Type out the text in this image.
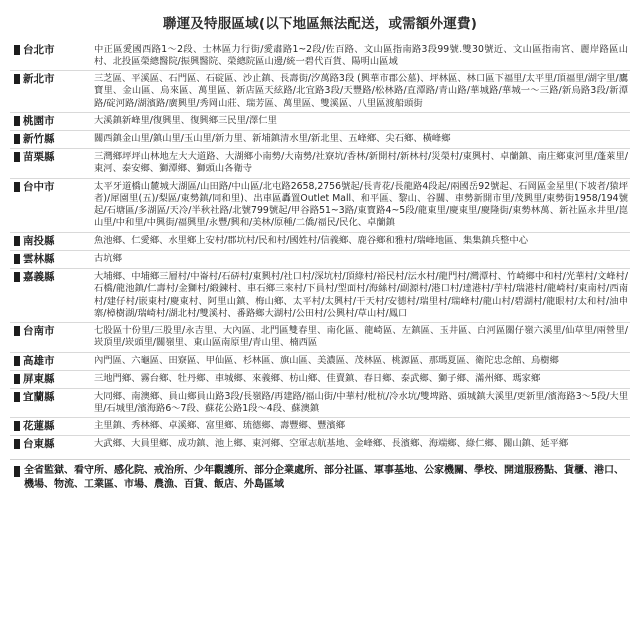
聯運及特服區域(以下地區無法配送，或需額外運費)
台北市	中正區愛國西路1～2段、士林區力行街/愛肅路1~2段/佐百路、文山區指南路3段99號.雙30號近、文山區指南宮、麗岸路區山村、北投區榮總醫院/振興醫院、榮總院區山邊/統一碧代百貨、陽明山區域

新北市	三芝區、平溪區、石門區、石碇區、沙止鎮、長壽街/汐萬路3段 (興華市郡公墓)、坪林區、林口區下福里/太平里/頂福里/湖字里/鷹寶里、金山區、烏來區、萬里區、新店區天絃路/北宜路3段/天豐路/松林路/直潭路/青山路/華城路/華城一～三路/新烏路3段/新潭路/碇河路/湖濱路/廣興里/秀岡山莊、瑞芳區、萬里區、雙溪區、八里區渡船頭街

桃園市	大溪鎮新峰里/復興里、復興鄉三民里/澤仁里

新竹縣	關西鎮金山里/鎮山里/玉山里/新力里、新埔鎮清水里/新北里、五峰鄉、尖石鄉、橫峰鄉

苗栗縣	三灣鄉坪坪山林地左大大道路、大湖鄉小南勢/大南勢/社寮坑/香林/新開村/新林村/災榮村/東興村、卓蘭鎮、南庄鄉東河里/蓬萊里/東河、泰安鄉、獅潭鄉、獅頭山各衛寺

台中市	太平牙道橋山麓城大湖區/山田路/中山區/北屯路2658,2756號起/長青花/長龍路4段起/兩國岳92號起、石岡區金星里(下坡者/猿坪者)/犀園里(五)/梨區/東勢鎮/同和里)、出車區轟置Outlet Mall、和平區、黎山、谷關、車勢新開市里/茂興里/東勢街1958/194號起/石塘區/多湖區/天冷/半秋社路/北號799號起/甲谷路51~3路/東寶路4~5段/龍東里/慶東里/慶隆街/東勢林萬、新社區永井里/崑山里/中和里/中興街/福興里/永豐/興和/美林/原種/二僑/福民/民化、卓蘭鎮

南投縣	魚池鄉、仁愛鄉、水里鄉上安村/郡坑村/民和村/國姓村/信義鄉、鹿谷鄉和雅村/瑞峰地區、集集鎮兵整中心

雲林縣	古坑鄉

嘉義縣	大埔鄉、中埔鄉三層村/中崙村/石硦村/東興村/社口村/深坑村/頂綠村/裕民村/沄水村/龍門村/灣潭村、竹崎鄉中和村/光華村/文峰村/石橋/龍池鎮/仁壽村/金獅村/緞鍊村、車石鄉三來村/下員村/型面村/海絲村/副源村/港口村/達港村/芋村/瑞港村/龍崎村/東南村/西南村/建仔村/嵌東村/慶東村、阿里山鎮、梅山鄉、太平村/太興村/干天村/安德村/瑞里村/瑞峰村/龍山村/碧湖村/龍眼村/太和村/油申寨/樟樹湖/瑞崎村/湖北村/雙溪村、番路鄉大湖村/公田村/公興村/草山村/鳳口

台南市	七股區十份里/三股里/永吉里、大內區、北門區雙春里、南化區、龍崎區、左鎮區、玉井區、白河區關仔嶺六溪里/仙草里/兩營里/崁頂里/崁頭里/關嶺里、東山區南原里/青山里、楠西區

高雄市	內門區、六龜區、田寮區、甲仙區、杉林區、旗山區、美濃區、茂林區、桃源區、那瑪夏區、衛陀忠念館、烏樹鄉

屏東縣	三地門鄉、霧台鄉、牡丹鄉、車城鄉、來義鄉、枋山鄉、佳賣鎮、春日鄉、泰武鄉、獅子鄉、滿州鄉、瑪家鄉

宜蘭縣	大同鄉、南澳鄉、員山鄉員山路3段/長嶺路/再建路/福山街/中華村/枇杭/冷水坑/雙埤路、頭城鎮大溪里/更新里/濱海路3～5段/大里里/石城里/濱海路6～7段、蘇花公路1段～4段、蘇澳鎮

花蓮縣	主里鎮、秀林鄉、卓溪鄉、富里鄉、琉德鄉、壽豐鄉、豐濱鄉

台東縣	大武鄉、大員里鄉、成功鎮、池上鄉、東河鄉、空軍志航基地、金峰鄉、長濱鄉、海端鄉、綠仁鄉、關山鎮、延平鄉
全省監獄、看守所、感化院、戒治所、少年觀護所、部分企業處所、部分社區、軍事基地、公家機關、學校、開道服務點、貨櫃、港口、機場、物流、工業區、市場、農漁、百貨、飯店、外島區域
